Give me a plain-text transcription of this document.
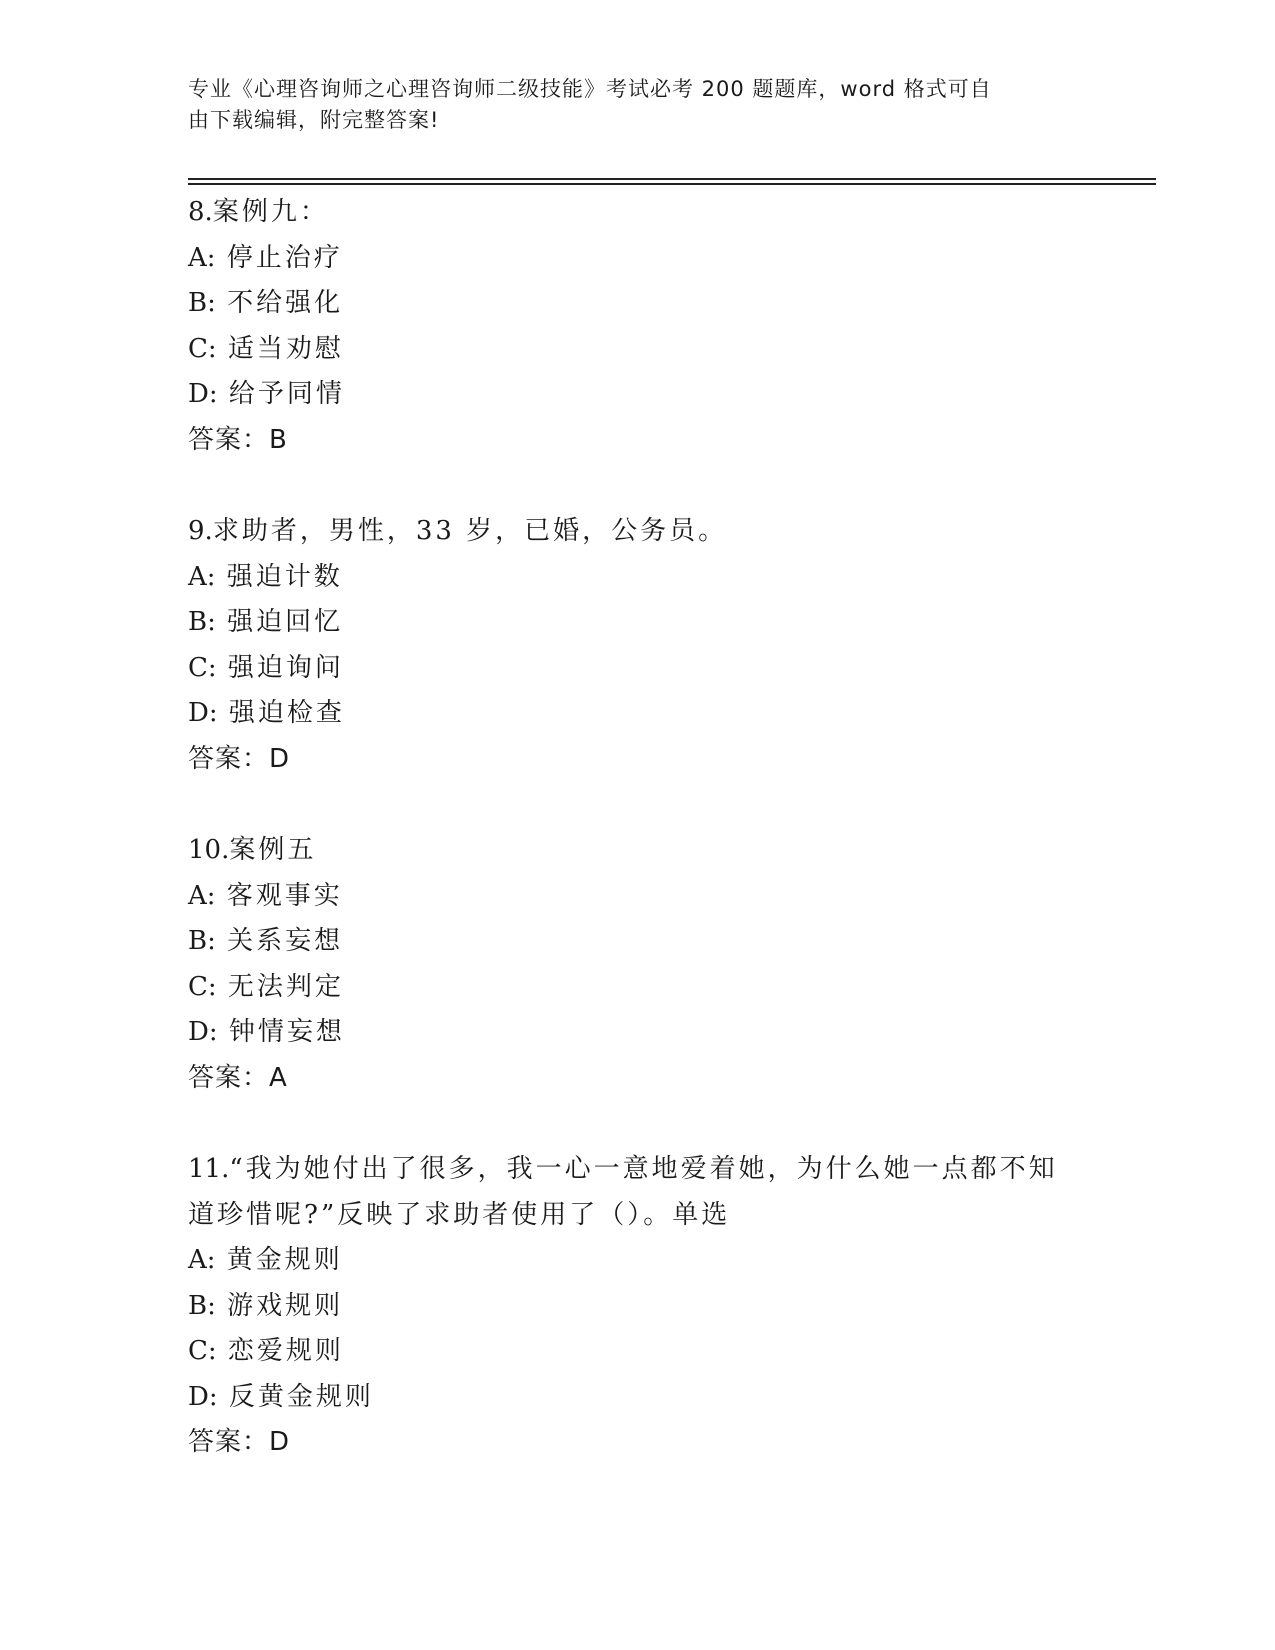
专业《心理咨询师之心理咨询师二级技能》考试必考 200 题题库，word 格式可自
由下载编辑，附完整答案!
8.案例九：
A: 停止治疗
B: 不给强化
C: 适当劝慰
D: 给予同情
答案：B
9.求助者，男性，33 岁，已婚，公务员。
A: 强迫计数
B: 强迫回忆
C: 强迫询问
D: 强迫检查
答案：D
10.案例五
A: 客观事实
B: 关系妄想
C: 无法判定
D: 钟情妄想
答案：A
11.“我为她付出了很多，我一心一意地爱着她，为什么她一点都不知
道珍惜呢?”反映了求助者使用了（）。单选
A: 黄金规则
B: 游戏规则
C: 恋爱规则
D: 反黄金规则
答案：D
